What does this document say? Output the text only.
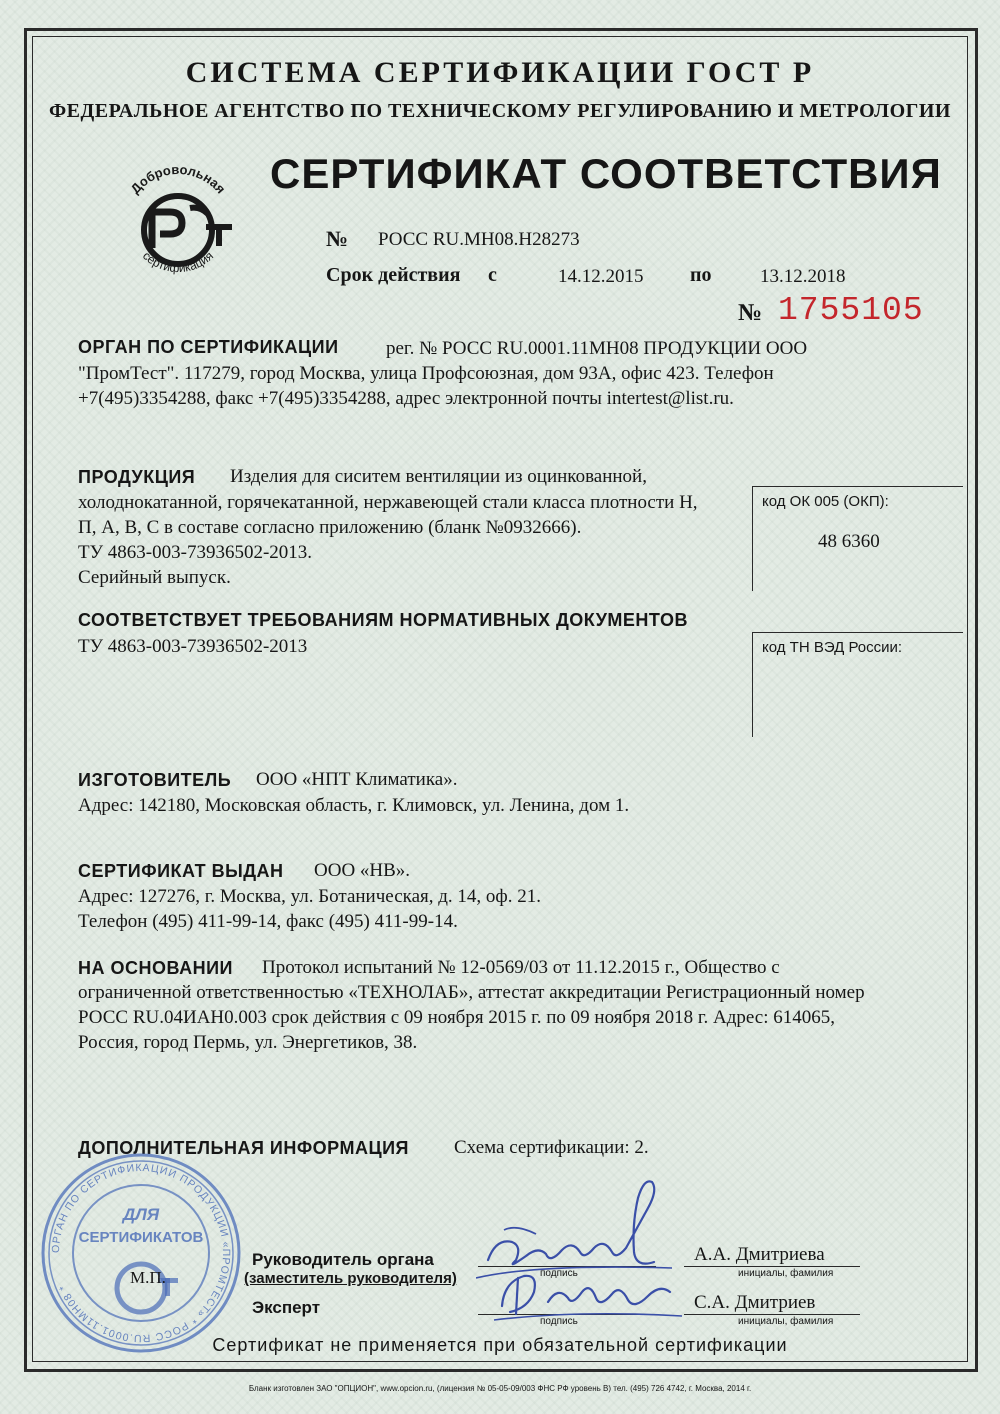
СИСТЕМА СЕРТИФИКАЦИИ ГОСТ Р

ФЕДЕРАЛЬНОЕ АГЕНТСТВО ПО ТЕХНИЧЕСКОМУ РЕГУЛИРОВАНИЮ И МЕТРОЛОГИИ

Добровольная
сертификация

СЕРТИФИКАТ СООТВЕТСТВИЯ

№ РОСС RU.МН08.Н28273
Срок действия с	14.12.2015 по	13.12.2018
№ 1755105
ОРГАН ПО СЕРТИФИКАЦИИ рег. № РОСС RU.0001.11МН08 ПРОДУКЦИИ ООО
"ПромТест". 117279, город Москва, улица Профсоюзная, дом 93А, офис 423. Телефон
+7(495)3354288, факс +7(495)3354288, адрес электронной почты intertest@list.ru.
ПРОДУКЦИЯ Изделия для сиситем вентиляции из оцинкованной,
холоднокатанной, горячекатанной, нержавеющей стали класса плотности Н,
П, А, В, С в составе согласно приложению (бланк №0932666).
ТУ 4863-003-73936502-2013.
Серийный выпуск.
код ОК 005 (ОКП):
48 6360
СООТВЕТСТВУЕТ ТРЕБОВАНИЯМ НОРМАТИВНЫХ ДОКУМЕНТОВ
ТУ 4863-003-73936502-2013	код ТН ВЭД России:
ИЗГОТОВИТЕЛЬ ООО «НПТ Климатика».
Адрес: 142180, Московская область, г. Климовск, ул. Ленина, дом 1.
СЕРТИФИКАТ ВЫДАН ООО «НВ».
Адрес: 127276, г. Москва, ул. Ботаническая, д. 14, оф. 21.
Телефон (495) 411-99-14, факс (495) 411-99-14.
НА ОСНОВАНИИ Протокол испытаний № 12-0569/03 от 11.12.2015 г., Общество с
ограниченной ответственностью «ТЕХНОЛАБ», аттестат аккредитации Регистрационный номер
РОСС RU.04ИАН0.003 срок действия с 09 ноября 2015 г. по 09 ноября 2018 г. Адрес: 614065,
Россия, город Пермь, ул. Энергетиков, 38.
ДОПОЛНИТЕЛЬНАЯ ИНФОРМАЦИЯ Схема сертификации: 2.
ОРГАН ПО СЕРТИФИКАЦИИ ПРОДУКЦИИ «ПРОМТЕСТ» * РОСС RU.0001.11МН08 *
ДЛЯ
СЕРТИФИКАТОВ
М.П.
Руководитель органа
(заместитель руководителя)
Эксперт
подпись
А.А. Дмитриева
инициалы, фамилия
подпись
С.А. Дмитриев
инициалы, фамилия

Сертификат не применяется при обязательной сертификации

Бланк изготовлен ЗАО "ОПЦИОН", www.opcion.ru, (лицензия № 05-05-09/003 ФНС РФ уровень В) тел. (495) 726 4742, г. Москва, 2014 г.
